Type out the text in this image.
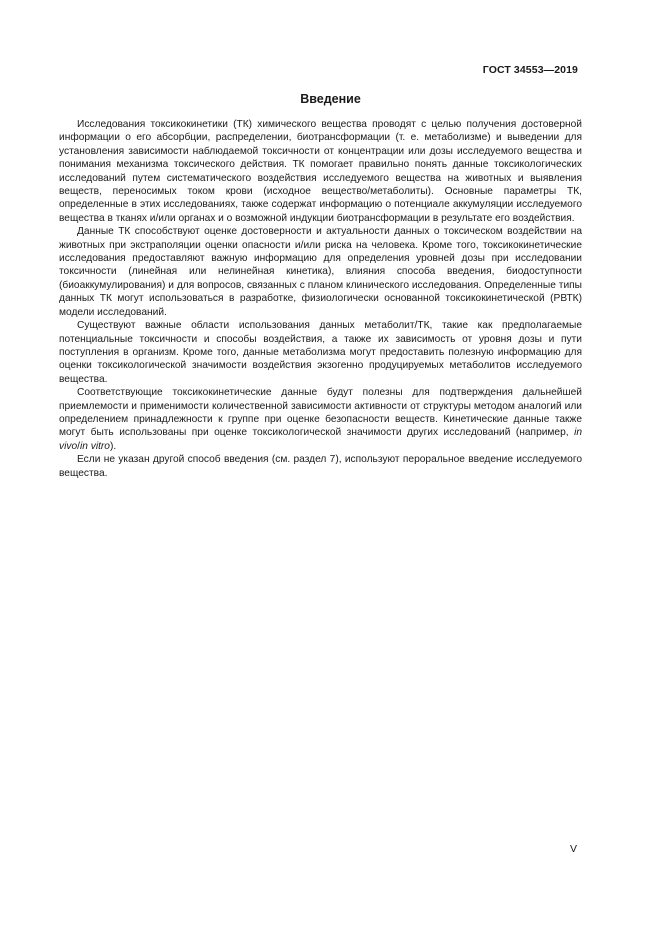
ГОСТ 34553—2019
Введение

Исследования токсикокинетики (ТК) химического вещества проводят с целью получения достоверной информации о его абсорбции, распределении, биотрансформации (т. е. метаболизме) и выведении для установления зависимости наблюдаемой токсичности от концентрации или дозы исследуемого вещества и понимания механизма токсического действия. ТК помогает правильно понять данные токсикологических исследований путем систематического воздействия исследуемого вещества на животных и выявления веществ, переносимых током крови (исходное вещество/метаболиты). Основные параметры ТК, определенные в этих исследованиях, также содержат информацию о потенциале аккумуляции исследуемого вещества в тканях и/или органах и о возможной индукции биотрансформации в результате его воздействия.

Данные ТК способствуют оценке достоверности и актуальности данных о токсическом воздействии на животных при экстраполяции оценки опасности и/или риска на человека. Кроме того, токсикокинетические исследования предоставляют важную информацию для определения уровней дозы при исследовании токсичности (линейная или нелинейная кинетика), влияния способа введения, биодоступности (биоаккумулирования) и для вопросов, связанных с планом клинического исследования. Определенные типы данных ТК могут использоваться в разработке, физиологически основанной токсикокинетической (РВТК) модели исследований.

Существуют важные области использования данных метаболит/ТК, такие как предполагаемые потенциальные токсичности и способы воздействия, а также их зависимость от уровня дозы и пути поступления в организм. Кроме того, данные метаболизма могут предоставить полезную информацию для оценки токсикологической значимости воздействия экзогенно продуцируемых метаболитов исследуемого вещества.

Соответствующие токсикокинетические данные будут полезны для подтверждения дальнейшей приемлемости и применимости количественной зависимости активности от структуры методом аналогий или определением принадлежности к группе при оценке безопасности веществ. Кинетические данные также могут быть использованы при оценке токсикологической значимости других исследований (например, in vivo/in vitro).

Если не указан другой способ введения (см. раздел 7), используют пероральное введение исследуемого вещества.

V
